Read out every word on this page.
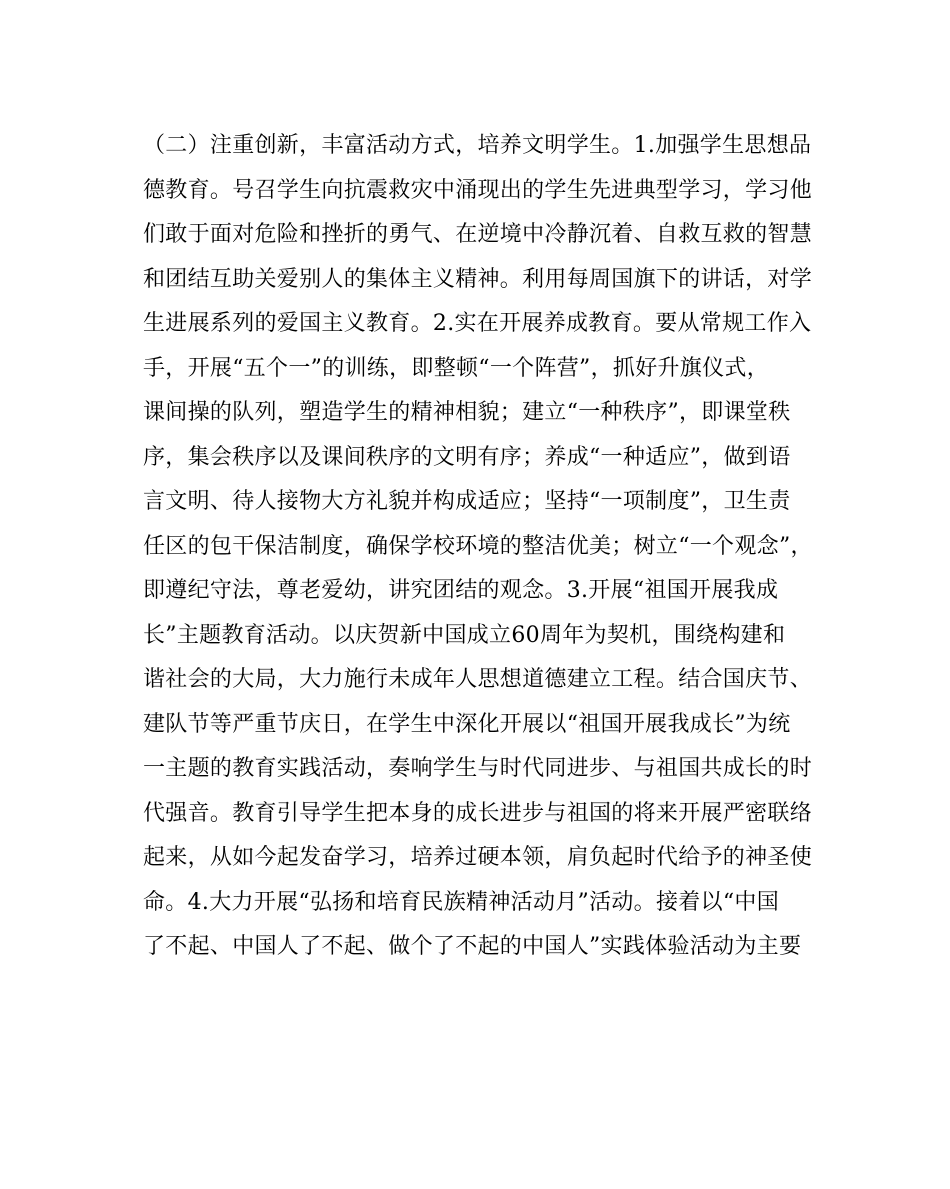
（二）注重创新，丰富活动方式，培养文明学生。1.加强学生思想品
德教育。号召学生向抗震救灾中涌现出的学生先进典型学习，学习他
们敢于面对危险和挫折的勇气、在逆境中冷静沉着、自救互救的智慧
和团结互助关爱别人的集体主义精神。利用每周国旗下的讲话，对学
生进展系列的爱国主义教育。2.实在开展养成教育。要从常规工作入
手，开展“五个一”的训练，即整顿“一个阵营”，抓好升旗仪式，
课间操的队列，塑造学生的精神相貌；建立“一种秩序”，即课堂秩
序，集会秩序以及课间秩序的文明有序；养成“一种适应”，做到语
言文明、待人接物大方礼貌并构成适应；坚持“一项制度”，卫生责
任区的包干保洁制度，确保学校环境的整洁优美；树立“一个观念”，
即遵纪守法，尊老爱幼，讲究团结的观念。3.开展“祖国开展我成
长”主题教育活动。以庆贺新中国成立60周年为契机，围绕构建和
谐社会的大局，大力施行未成年人思想道德建立工程。结合国庆节、
建队节等严重节庆日，在学生中深化开展以“祖国开展我成长”为统
一主题的教育实践活动，奏响学生与时代同进步、与祖国共成长的时
代强音。教育引导学生把本身的成长进步与祖国的将来开展严密联络
起来，从如今起发奋学习，培养过硬本领，肩负起时代给予的神圣使
命。4.大力开展“弘扬和培育民族精神活动月”活动。接着以“中国
了不起、中国人了不起、做个了不起的中国人”实践体验活动为主要
